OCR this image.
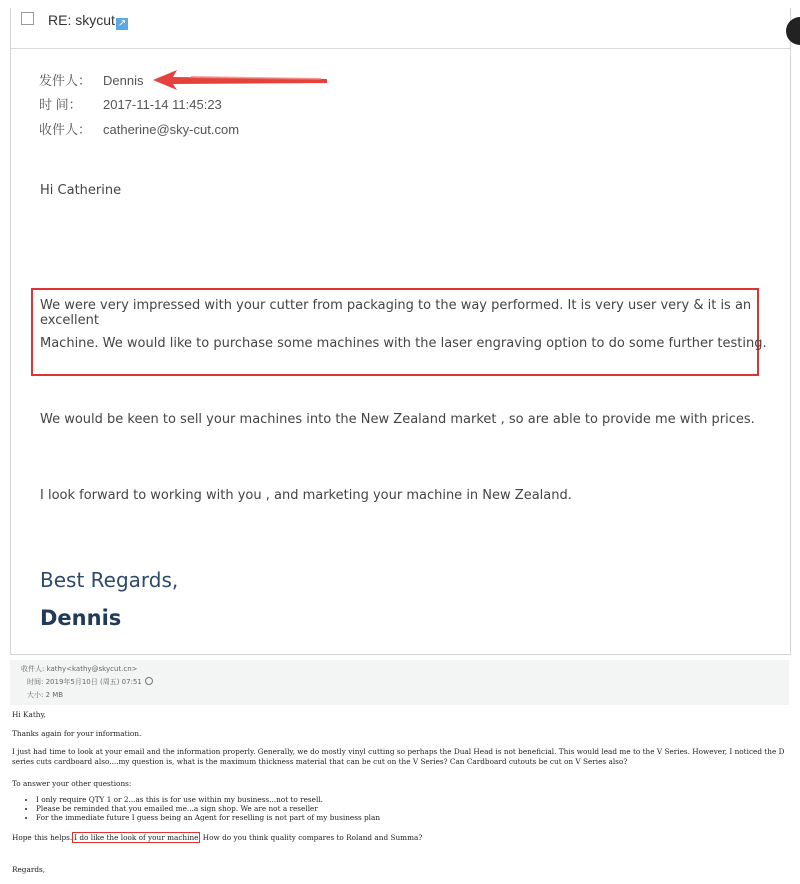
RE: skycut ↗
发件人： Dennis
时 间： 2017-11-14 11:45:23
收件人： catherine@sky-cut.com
Hi Catherine
We were very impressed with your cutter from packaging to the way performed. It is very user very & it is an excellent
Machine. We would like to purchase some machines with the laser engraving option to do some further testing.
We would be keen to sell your machines into the New Zealand market , so are able to provide me with prices.
I look forward to working with you , and marketing your machine in New Zealand.
Best Regards,
Dennis
收件人: kathy<kathy@skycut.cn>
时间: 2019年5月10日 (周五) 07:51
大小: 2 MB
Hi Kathy,
Thanks again for your information.
I just had time to look at your email and the information properly. Generally, we do mostly vinyl cutting so perhaps the Dual Head is not beneficial. This would lead me to the V Series. However, I noticed the D series cuts cardboard also....my question is, what is the maximum thickness material that can be cut on the V Series? Can Cardboard cutouts be cut on V Series also?
To answer your other questions:
• I only require QTY 1 or 2...as this is for use within my business...not to resell.
• Please be reminded that you emailed me...a sign shop. We are not a reseller
• For the immediate future I guess being an Agent for reselling is not part of my business plan
Hope this helps. I do like the look of your machine How do you think quality compares to Roland and Summa?
Regards,
